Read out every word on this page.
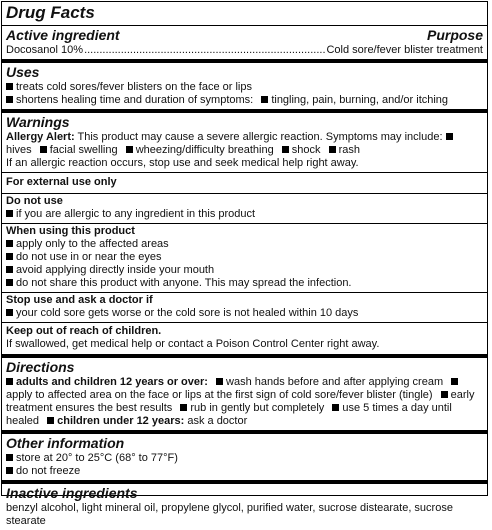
Drug Facts
Active ingredient	Purpose
Docosanol 10%
.....	Cold sore/fever blister treatment
Uses

treats cold sores/fever blisters on the face or lips

shortens healing time and duration of symptoms: tingling, pain, burning, and/or itching

Warnings

Allergy Alert: This product may cause a severe allergic reaction. Symptoms may include: hives facial swelling wheezing/difficulty breathing shock rash

If an allergic reaction occurs, stop use and seek medical help right away.

For external use only

Do not use

if you are allergic to any ingredient in this product

When using this product

apply only to the affected areas

do not use in or near the eyes

avoid applying directly inside your mouth

do not share this product with anyone. This may spread the infection.

Stop use and ask a doctor if

your cold sore gets worse or the cold sore is not healed within 10 days

Keep out of reach of children.

If swallowed, get medical help or contact a Poison Control Center right away.

Directions

adults and children 12 years or over: wash hands before and after applying cream apply to affected area on the face or lips at the first sign of cold sore/fever blister (tingle) early treatment ensures the best results rub in gently but completely use 5 times a day until healed children under 12 years: ask a doctor

Other information

store at 20° to 25°C (68° to 77°F)

do not freeze

Inactive ingredients

benzyl alcohol, light mineral oil, propylene glycol, purified water, sucrose distearate, sucrose stearate
